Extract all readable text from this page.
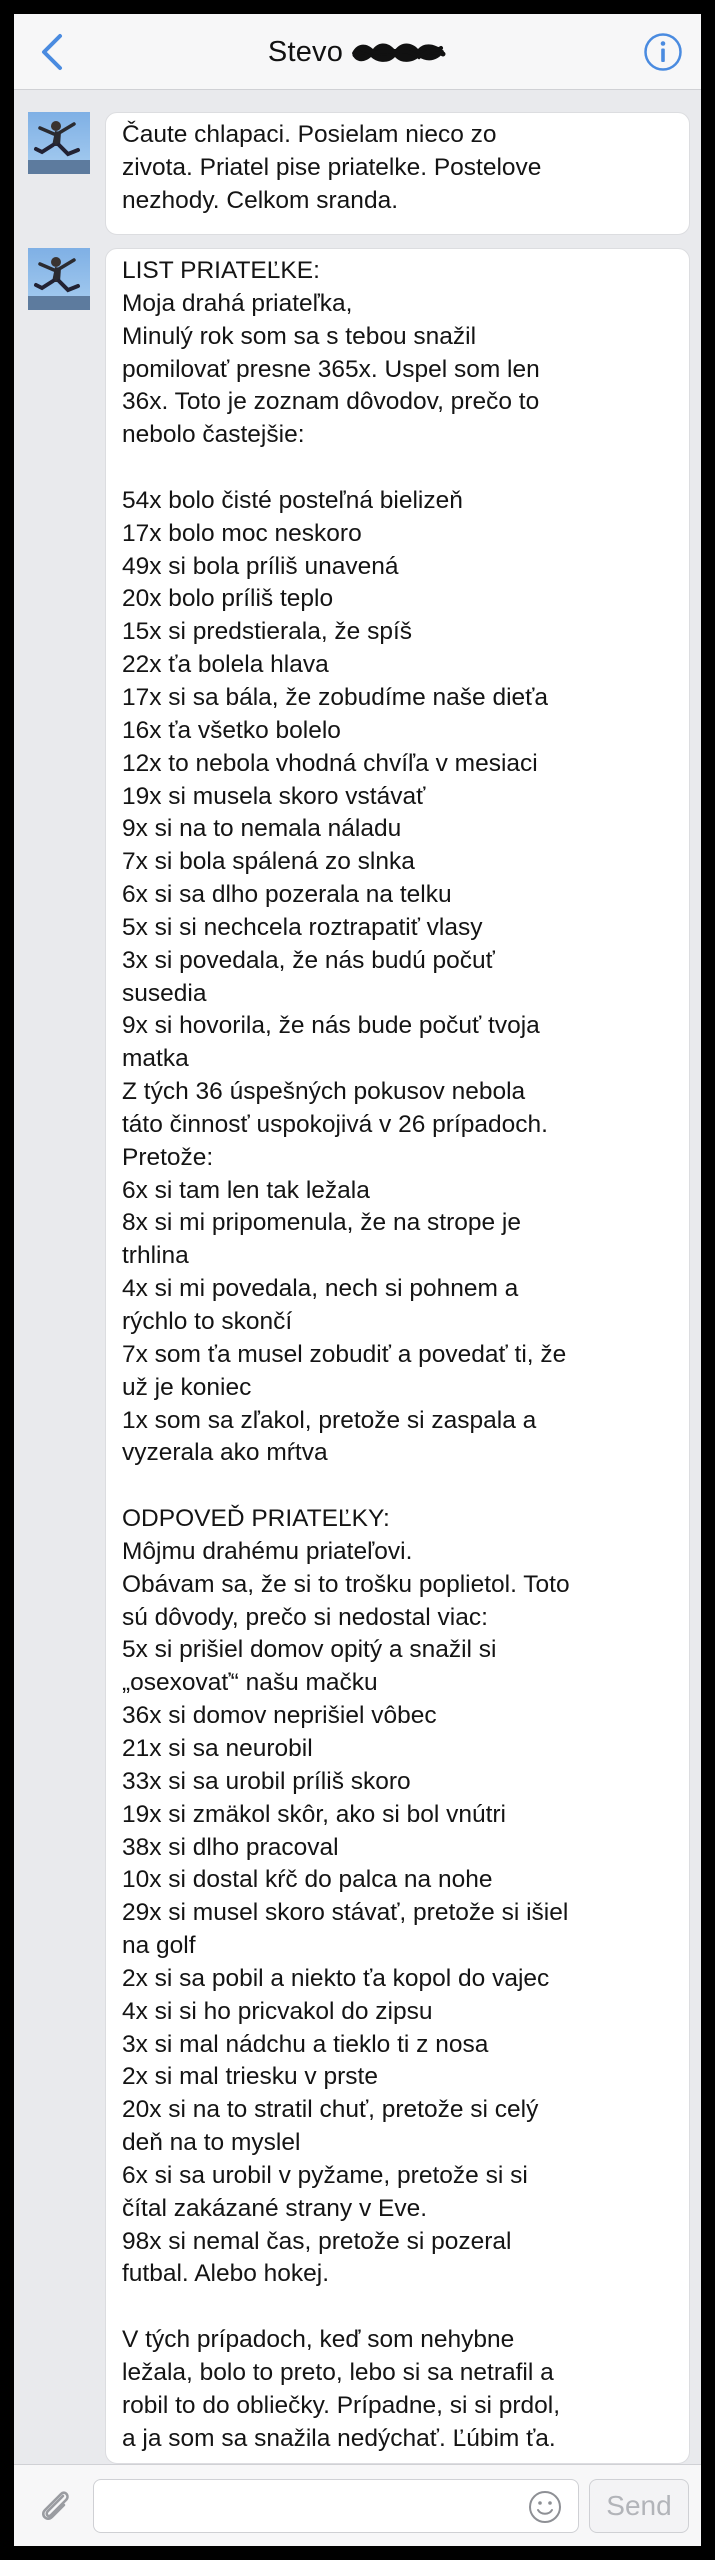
Stevo
Čaute chlapaci. Posielam nieco zo
zivota. Priatel pise priatelke. Postelove
nezhody. Celkom sranda.
LIST PRIATEĽKE:
Moja drahá priateľka,
Minulý rok som sa s tebou snažil
pomilovať presne 365x. Uspel som len
36x. Toto je zoznam dôvodov, prečo to
nebolo častejšie:

54x bolo čisté posteľná bielizeň
17x bolo moc neskoro
49x si bola príliš unavená
20x bolo príliš teplo
15x si predstierala, že spíš
22x ťa bolela hlava
17x si sa bála, že zobudíme naše dieťa
16x ťa všetko bolelo
12x to nebola vhodná chvíľa v mesiaci
19x si musela skoro vstávať
9x si na to nemala náladu
7x si bola spálená zo slnka
6x si sa dlho pozerala na telku
5x si si nechcela roztrapatiť vlasy
3x si povedala, že nás budú počuť
susedia
9x si hovorila, že nás bude počuť tvoja
matka
Z tých 36 úspešných pokusov nebola
táto činnosť uspokojivá v 26 prípadoch.
Pretože:
6x si tam len tak ležala
8x si mi pripomenula, že na strope je
trhlina
4x si mi povedala, nech si pohnem a
rýchlo to skončí
7x som ťa musel zobudiť a povedať ti, že
už je koniec
1x som sa zľakol, pretože si zaspala a
vyzerala ako mŕtva

ODPOVEĎ PRIATEĽKY:
Môjmu drahému priateľovi.
Obávam sa, že si to trošku poplietol. Toto
sú dôvody, prečo si nedostal viac:
5x si prišiel domov opitý a snažil si
„osexovať“ našu mačku
36x si domov neprišiel vôbec
21x si sa neurobil
33x si sa urobil príliš skoro
19x si zmäkol skôr, ako si bol vnútri
38x si dlho pracoval
10x si dostal kŕč do palca na nohe
29x si musel skoro stávať, pretože si išiel
na golf
2x si sa pobil a niekto ťa kopol do vajec
4x si si ho pricvakol do zipsu
3x si mal nádchu a tieklo ti z nosa
2x si mal triesku v prste
20x si na to stratil chuť, pretože si celý
deň na to myslel
6x si sa urobil v pyžame, pretože si si
čítal zakázané strany v Eve.
98x si nemal čas, pretože si pozeral
futbal. Alebo hokej.

V tých prípadoch, keď som nehybne
ležala, bolo to preto, lebo si sa netrafil a
robil to do obliečky. Prípadne, si si prdol,
a ja som sa snažila nedýchať. Ľúbim ťa.
Send
